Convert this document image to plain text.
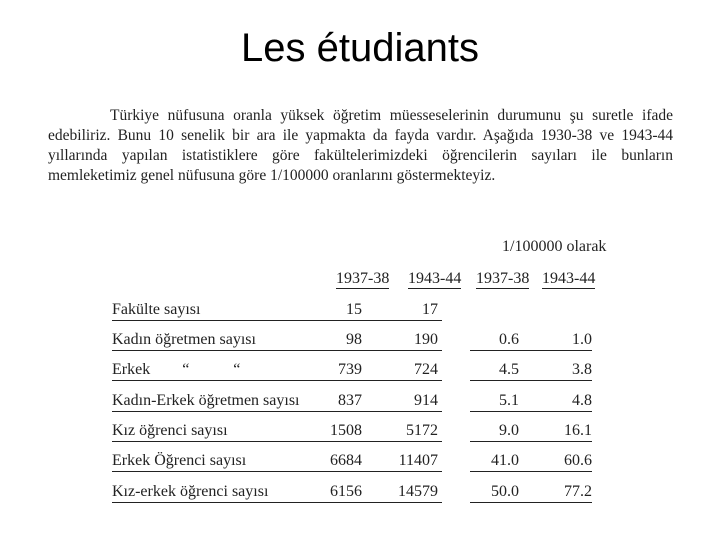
Les étudiants
Türkiye nüfusuna oranla yüksek öğretim müesseselerinin durumunu şu suretle ifade edebiliriz. Bunu 10 senelik bir ara ile yapmakta da fayda vardır. Aşağıda 1930-38 ve 1943-44 yıllarında yapılan istatistiklere göre fakültelerimizdeki öğrencilerin sayıları ile bunların memleketimiz genel nüfusuna göre 1/100000 oranlarını göstermekteyiz.
1/100000 olarak
1937-38 1943-44 1937-38 1943-44
Fakülte sayısı	15	17
Kadın öğretmen sayısı	98	190	0.6	1.0
Erkek        “           “	739	724	4.5	3.8
Kadın-Erkek öğretmen sayısı	837	914	5.1	4.8
Kız öğrenci sayısı	1508	5172	9.0	16.1
Erkek Öğrenci sayısı	6684	11407	41.0	60.6
Kız-erkek öğrenci sayısı	6156	14579	50.0	77.2
